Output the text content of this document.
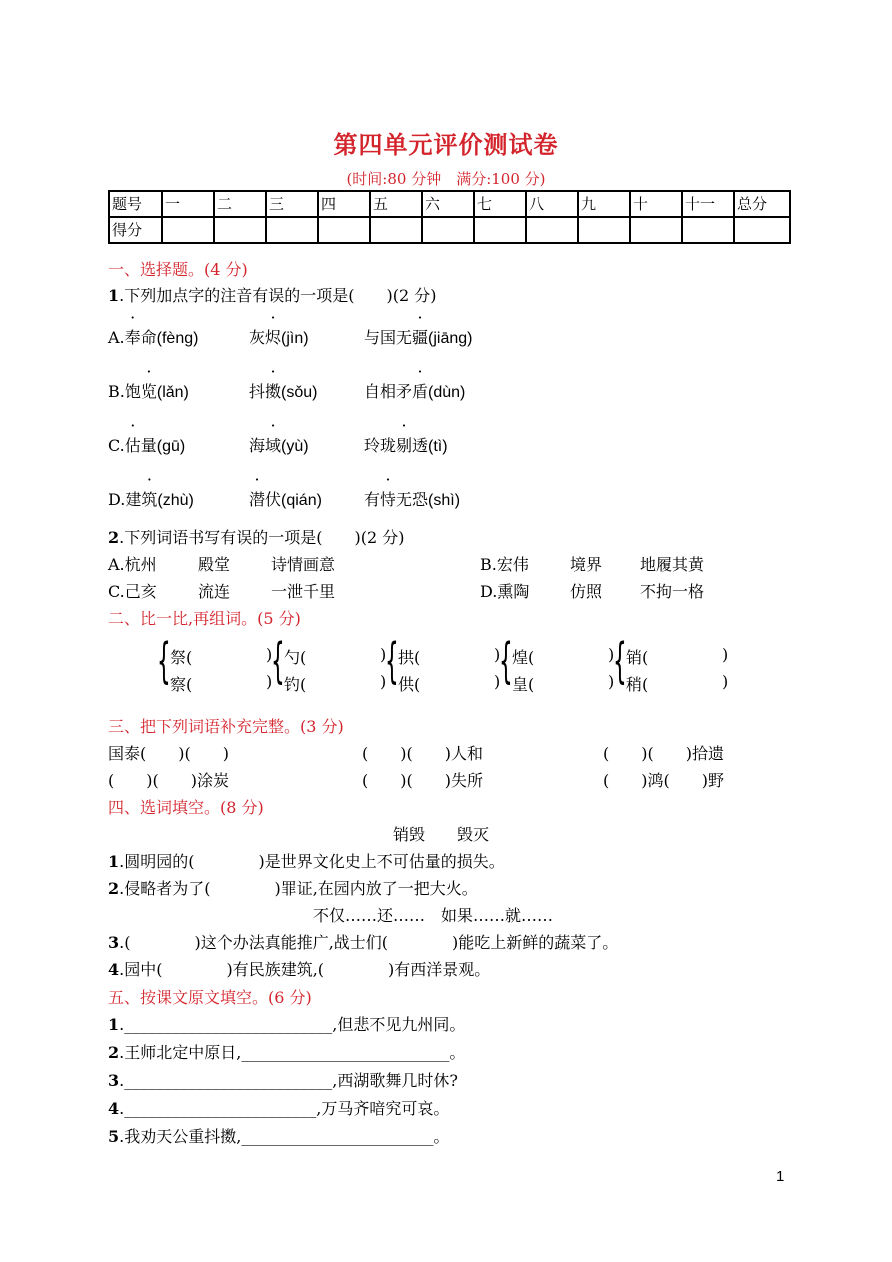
第四单元评价测试卷
(时间:80 分钟　满分:100 分)
题号	一	二	三	四	五	六	七	八	九	十	十一	总分
得分												
一、选择题。(4 分)
1.下列加点字的注音有误的一项是(　　)(2 分)
A.奉命(fèng)	灰烬(jìn)	与国无疆(jiāng)
B.饱览(lǎn)	抖擞(sǒu)	自相矛盾(dùn)
C.估量(gū)	海域(yù)	玲珑剔透(tì)
D.建筑(zhù)	潜伏(qián)	有恃无恐(shì)
2.下列词语书写有误的一项是(　　)(2 分)
A.杭州	殿堂	诗情画意	B.宏伟	境界 地履其黄
C.己亥	流连	一泄千里	D.熏陶	仿照 不拘一格
二、比一比,再组词。(5 分)
{ 祭(	)
察(	)
{ 勺(	)
钓(	)
{ 拱(	)
供(	)
{ 煌(	)
皇(	)
{ 销(	)
稍(	)
三、把下列词语补充完整。(3 分)
国泰(　　)(　　)	(　　)(　　)人和	(　　)(　　)拾遗
(　　)(　　)涂炭	(　　)(　　)失所	(　　)鸿(　　)野
四、选词填空。(8 分)
销毁　　毁灭
1.圆明园的(　　　　)是世界文化史上不可估量的损失。
2.侵略者为了(　　　　)罪证,在园内放了一把大火。
不仅……还……　如果……就……
3.(　　　　)这个办法真能推广,战士们(　　　　)能吃上新鲜的蔬菜了。
4.园中(　　　　)有民族建筑,(　　　　)有西洋景观。
五、按课文原文填空。(6 分)
1.__________________________,但悲不见九州同。
2.王师北定中原日,__________________________。
3.__________________________,西湖歌舞几时休?
4.________________________,万马齐喑究可哀。
5.我劝天公重抖擞,________________________。
1
